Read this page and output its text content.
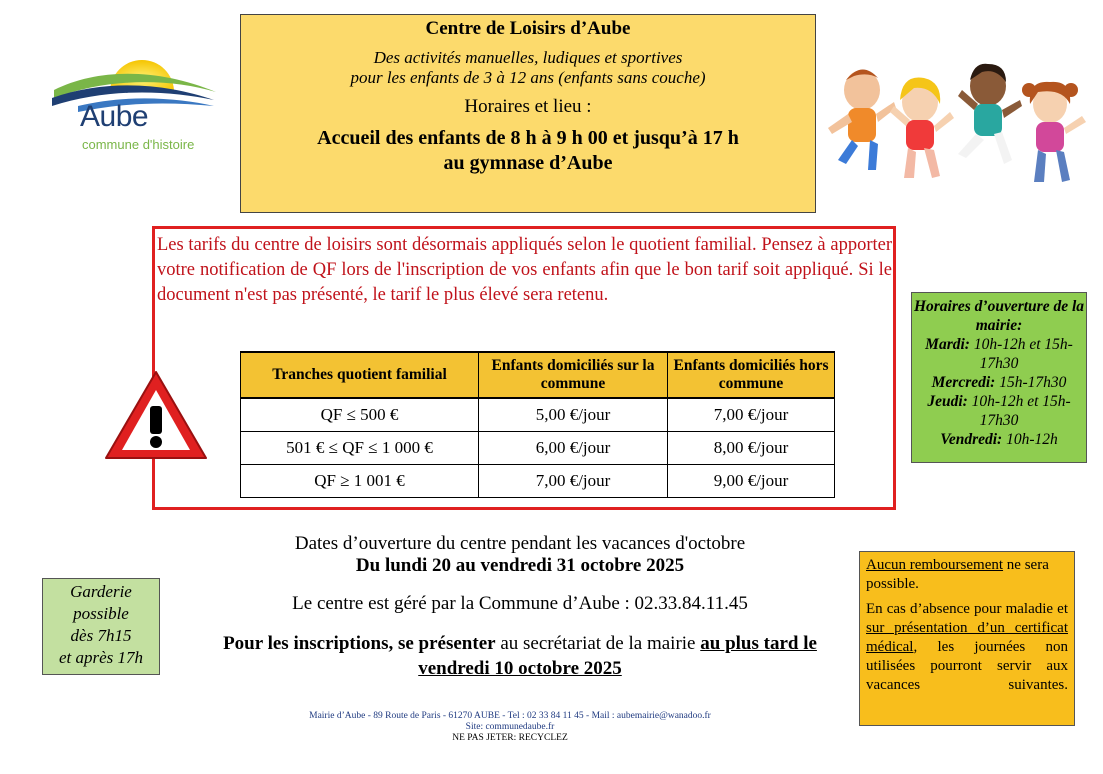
Aube
commune d'histoire
Centre de Loisirs d’Aube
Des activités manuelles, ludiques et sportives
pour les enfants de 3 à 12 ans (enfants sans couche)
Horaires et lieu :
Accueil des enfants de 8 h à 9 h 00 et jusqu’à 17 h
au gymnase d’Aube
Les tarifs du centre de loisirs sont désormais appliqués selon le quotient familial. Pensez à apporter votre notification de QF lors de l'inscription de vos enfants afin que le bon tarif soit appliqué. Si le document n'est pas présenté, le tarif le plus élevé sera retenu.
Tranches quotient familial	Enfants domiciliés sur la commune	Enfants domiciliés hors commune
QF ≤ 500 €	5,00 €/jour	7,00 €/jour
501 € ≤ QF ≤ 1 000 €	6,00 €/jour	8,00 €/jour
QF ≥ 1 001 €	7,00 €/jour	9,00 €/jour
Horaires d’ouverture de la mairie:
Mardi: 10h-12h et 15h-17h30
Mercredi: 15h-17h30
Jeudi: 10h-12h et 15h-17h30
Vendredi: 10h-12h
Dates d’ouverture du centre pendant les vacances d'octobre
Du lundi 20 au vendredi 31 octobre 2025
Le centre est géré par la Commune d’Aube : 02.33.84.11.45
Pour les inscriptions, se présenter au secrétariat de la mairie au plus tard le vendredi 10 octobre 2025
Garderie
possible
dès 7h15
et après 17h
Aucun remboursement ne sera possible.
En cas d’absence pour maladie et sur présentation d’un certificat médical, les journées non utilisées pourront servir aux vacances suivantes.
Mairie d’Aube - 89 Route de Paris - 61270 AUBE - Tel : 02 33 84 11 45 - Mail : aubemairie@wanadoo.fr
Site: communedaube.fr
NE PAS JETER: RECYCLEZ
